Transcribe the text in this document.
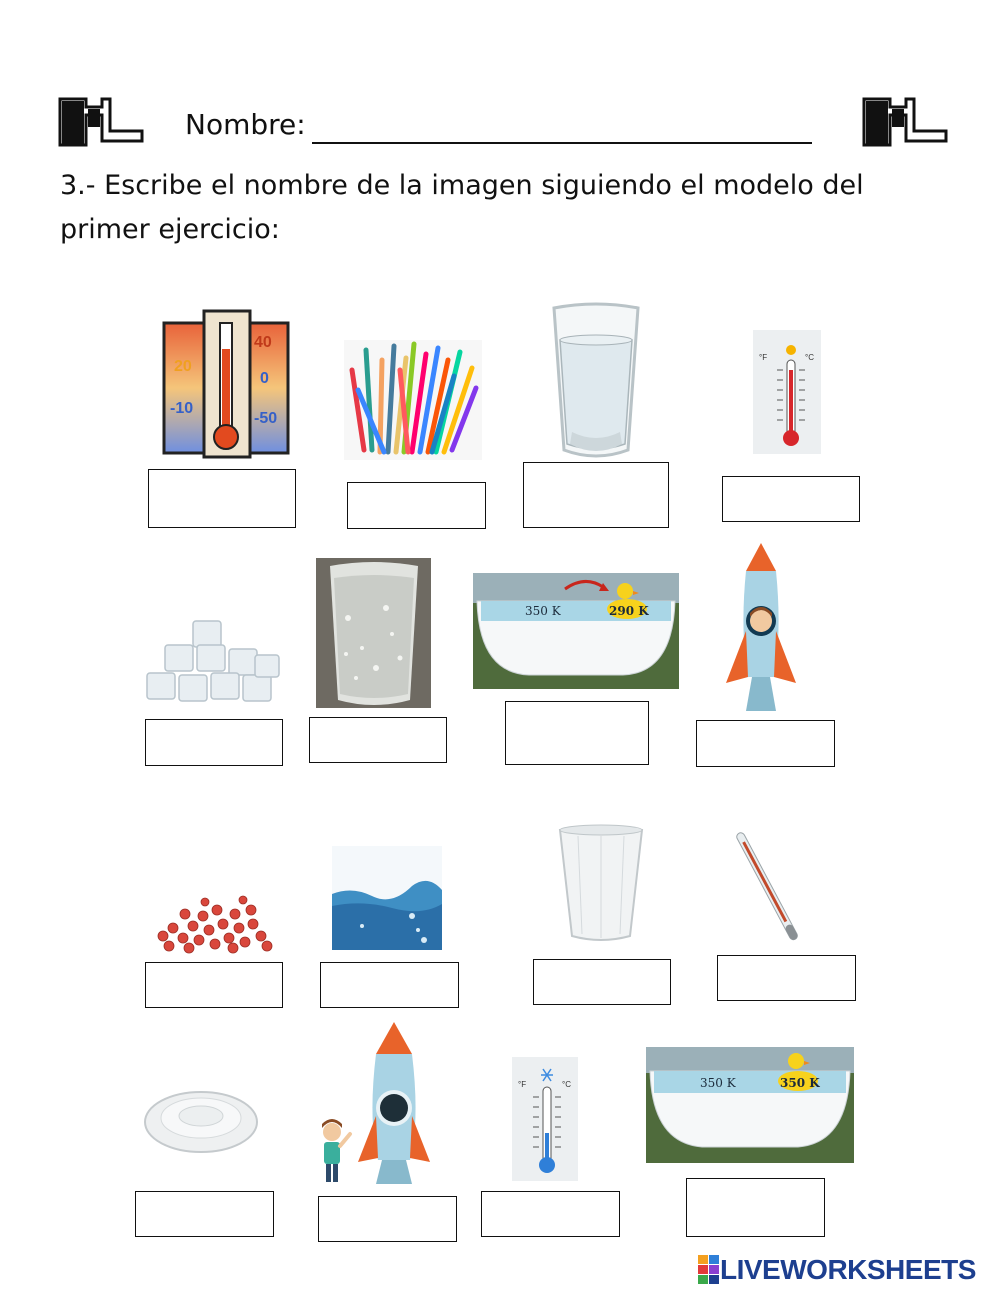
Nombre:
3.- Escribe el nombre de la imagen siguiendo el modelo del primer ejercicio:
40
20
0
-10
-50
°F	°C
350 K	290 K
°F	°C	350 K	350 K
LIVEWORKSHEETS
